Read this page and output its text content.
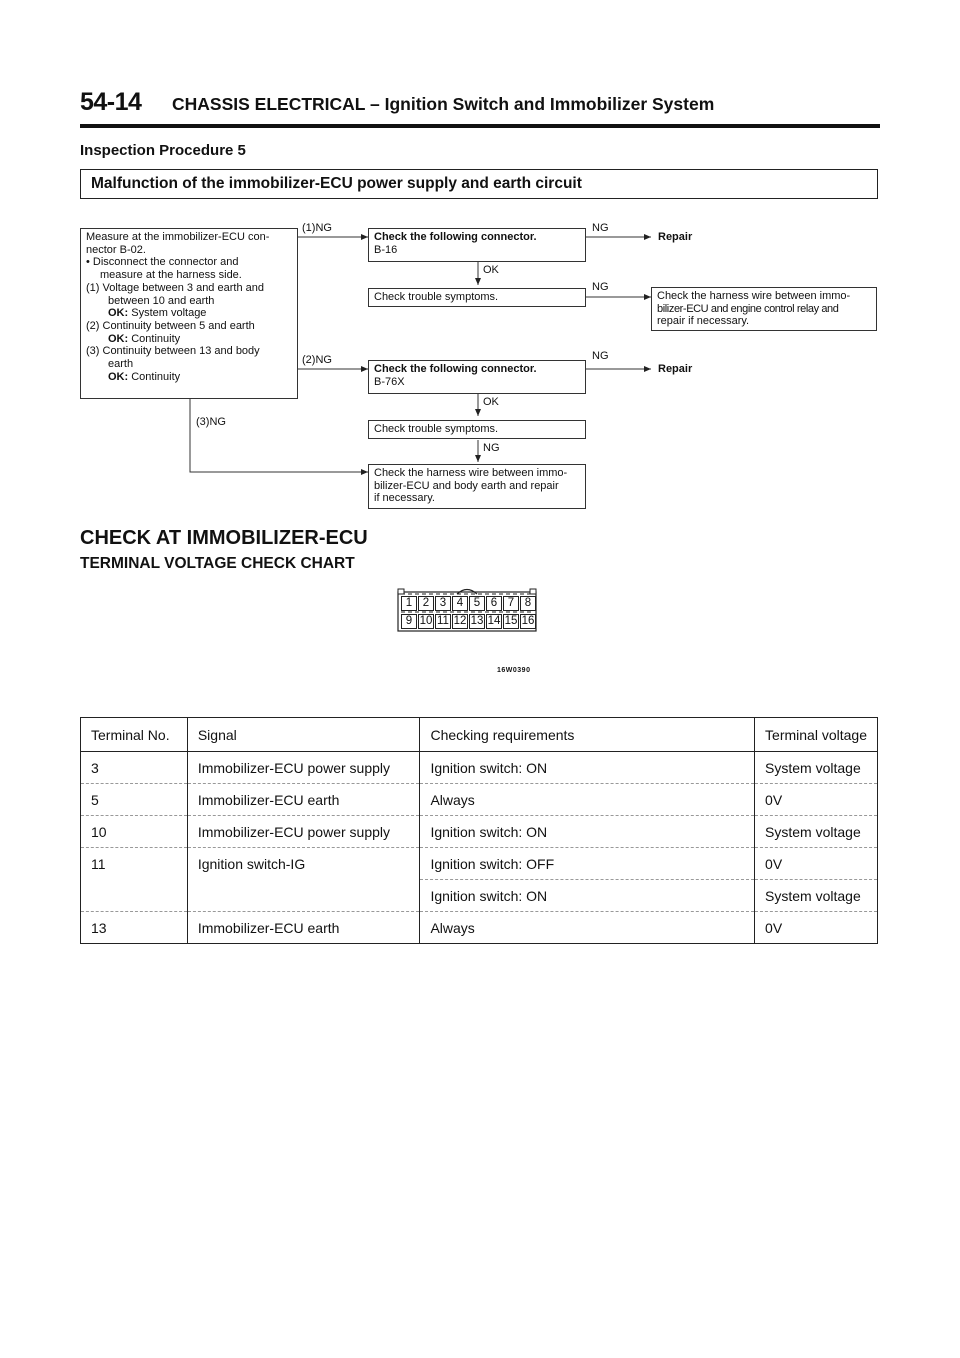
54-14 CHASSIS ELECTRICAL – Ignition Switch and Immobilizer System
Inspection Procedure 5
Malfunction of the immobilizer-ECU power supply and earth circuit
Measure at the immobilizer-ECU con-
nector B-02.
• Disconnect the connector and
measure at the harness side.
(1) Voltage between 3 and earth and
between 10 and earth
OK: System voltage
(2) Continuity between 5 and earth
OK: Continuity
(3) Continuity between 13 and body
earth
OK: Continuity
(1)NG
(2)NG
(3)NG
Check the following connector.
B-16
NG
Repair
OK
Check trouble symptoms.
NG
Check the harness wire between immo-
bilizer-ECU and engine control relay and
repair if necessary.
Check the following connector.
B-76X
NG
Repair
OK
Check trouble symptoms.
NG
Check the harness wire between immo-
bilizer-ECU and body earth and repair
if necessary.
CHECK AT IMMOBILIZER-ECU
TERMINAL VOLTAGE CHECK CHART
1 2 3 4 5 6 7 8
9 10 11 12 13 14 15 16
16W0390
Terminal No.	Signal	Checking requirements	Terminal voltage
3	Immobilizer-ECU power supply	Ignition switch: ON	System voltage
5	Immobilizer-ECU earth	Always	0V
10	Immobilizer-ECU power supply	Ignition switch: ON	System voltage
11	Ignition switch-IG	Ignition switch: OFF	0V
		Ignition switch: ON	System voltage
13	Immobilizer-ECU earth	Always	0V
